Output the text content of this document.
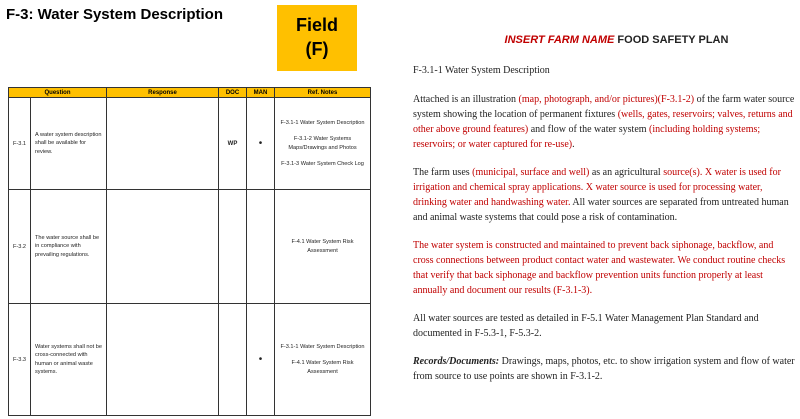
F-3: Water System Description
Field
(F)
Question		Response	DOC	MAN	Ref. Notes
F-3.1	A water system description shall be available for review.		WP	•	F-3.1-1 Water System Description
F-3.1-2 Water Systems Maps/Drawings and Photos
F-3.1-3 Water System Check Log

F-3.2	The water source shall be in compliance with prevailing regulations.				F-4.1 Water System Risk Assessment

F-3.3	Water systems shall not be cross-connected with human or animal waste systems.			•	F-3.1-1 Water System Description
F-4.1 Water System Risk Assessment
INSERT FARM NAME FOOD SAFETY PLAN
F-3.1-1 Water System Description

Attached is an illustration (map, photograph, and/or pictures)(F-3.1-2) of the farm water source system showing the location of permanent fixtures (wells, gates, reservoirs; valves, returns and other above ground features) and flow of the water system (including holding systems; reservoirs; or water captured for re-use).

The farm uses (municipal, surface and well) as an agricultural source(s). X water is used for irrigation and chemical spray applications. X water source is used for processing water, drinking water and handwashing water. All water sources are separated from untreated human and animal waste systems that could pose a risk of contamination.

The water system is constructed and maintained to prevent back siphonage, backflow, and cross connections between product contact water and wastewater. We conduct routine checks that verify that back siphonage and backflow prevention units function properly at least annually and document our results (F-3.1-3).

All water sources are tested as detailed in F-5.1 Water Management Plan Standard and documented in F-5.3-1, F-5.3-2.

Records/Documents: Drawings, maps, photos, etc. to show irrigation system and flow of water from source to use points are shown in F-3.1-2.
